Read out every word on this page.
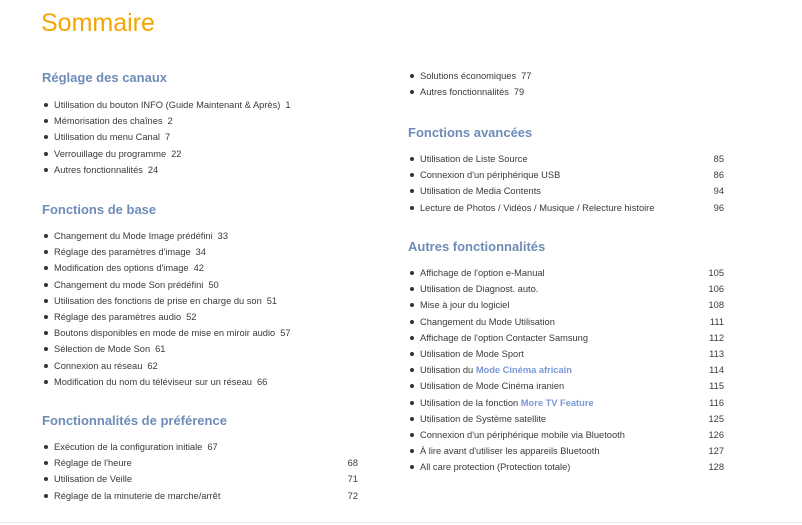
Sommaire
Réglage des canaux
Utilisation du bouton INFO (Guide Maintenant & Après) 1
Mémorisation des chaînes 2
Utilisation du menu Canal 7
Verrouillage du programme 22
Autres fonctionnalités 24
Fonctions de base
Changement du Mode Image prédéfini 33
Réglage des paramètres d'image 34
Modification des options d'image 42
Changement du mode Son prédéfini 50
Utilisation des fonctions de prise en charge du son 51
Réglage des paramètres audio 52
Boutons disponibles en mode de mise en miroir audio 57
Sélection de Mode Son 61
Connexion au réseau 62
Modification du nom du téléviseur sur un réseau 66
Fonctionnalités de préférence
Exécution de la configuration initiale 67
Réglage de l'heure	68
Utilisation de Veille	71
Réglage de la minuterie de marche/arrêt	72
Solutions économiques 77
Autres fonctionnalités 79
Fonctions avancées
Utilisation de Liste Source	85
Connexion d'un périphérique USB	86
Utilisation de Media Contents	94
Lecture de Photos / Vidéos / Musique / Relecture histoire	96
Autres fonctionnalités
Affichage de l'option e-Manual	105
Utilisation de Diagnost. auto.	106
Mise à jour du logiciel	108
Changement du Mode Utilisation	111
Affichage de l'option Contacter Samsung	112
Utilisation de Mode Sport	113
Utilisation du Mode Cinéma africain	114
Utilisation de Mode Cinéma iranien	115
Utilisation de la fonction More TV Feature	116
Utilisation de Système satellite	125
Connexion d'un périphérique mobile via Bluetooth	126
À lire avant d'utiliser les appareils Bluetooth	127
All care protection (Protection totale)	128
